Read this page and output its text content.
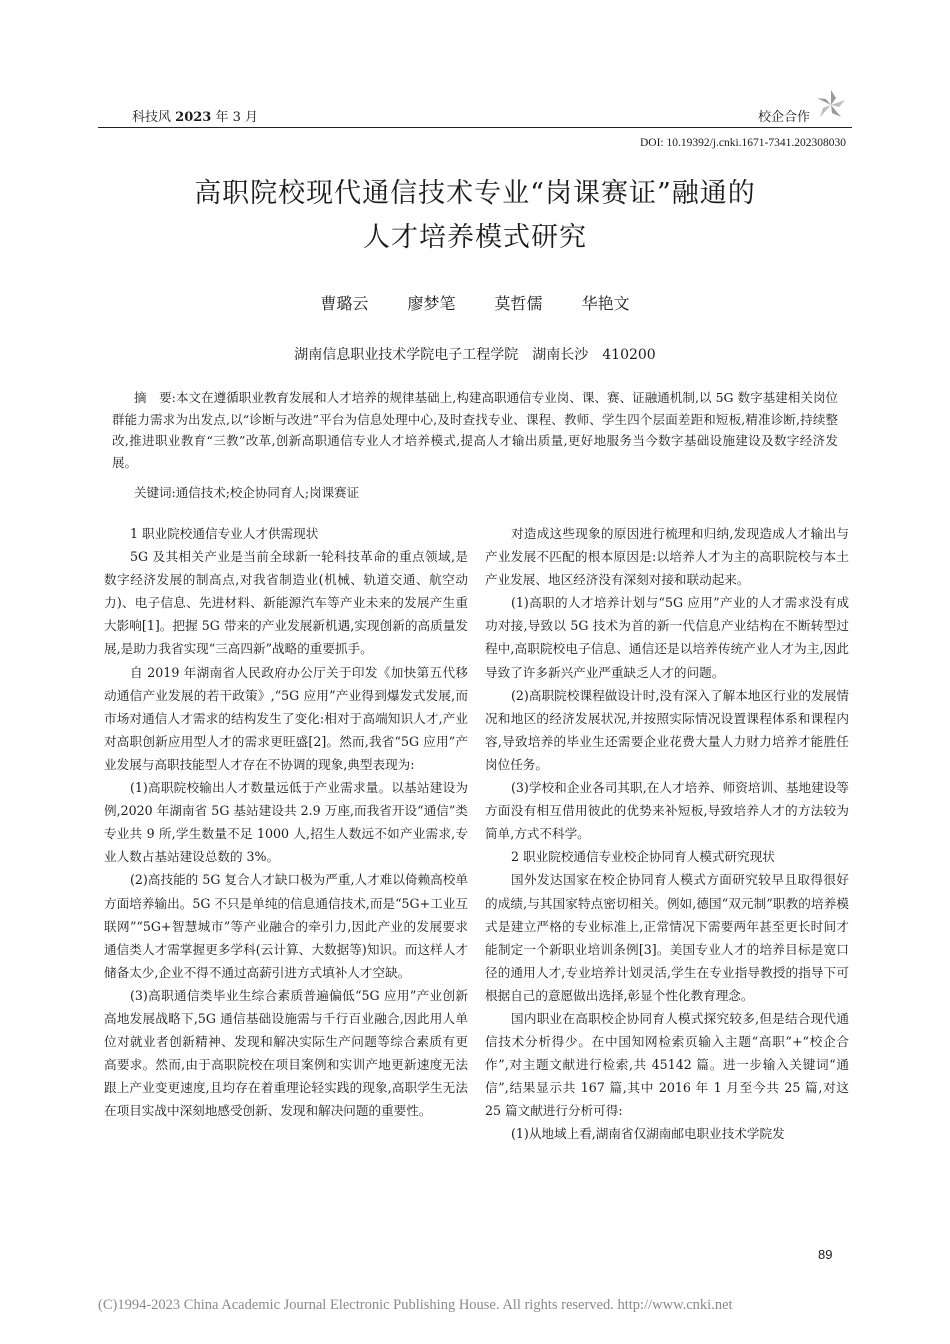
科技风 2023 年 3 月	校企合作
DOI: 10.19392/j.cnki.1671-7341.202308030
高职院校现代通信技术专业“岗课赛证”融通的
人才培养模式研究
曹璐云 廖梦笔 莫哲儒 华艳文
湖南信息职业技术学院电子工程学院　湖南长沙　410200

摘　要:本文在遵循职业教育发展和人才培养的规律基础上,构建高职通信专业岗、课、赛、证融通机制,以 5G 数字基建相关岗位群能力需求为出发点,以“诊断与改进”平台为信息处理中心,及时查找专业、课程、教师、学生四个层面差距和短板,精准诊断,持续整改,推进职业教育“三教”改革,创新高职通信专业人才培养模式,提高人才输出质量,更好地服务当今数字基础设施建设及数字经济发展。

关键词:通信技术;校企协同育人;岗课赛证

1 职业院校通信专业人才供需现状

5G 及其相关产业是当前全球新一轮科技革命的重点领域,是数字经济发展的制高点,对我省制造业(机械、轨道交通、航空动力)、电子信息、先进材料、新能源汽车等产业未来的发展产生重大影响[1]。把握 5G 带来的产业发展新机遇,实现创新的高质量发展,是助力我省实现“三高四新”战略的重要抓手。

自 2019 年湖南省人民政府办公厅关于印发《加快第五代移动通信产业发展的若干政策》,“5G 应用”产业得到爆发式发展,而市场对通信人才需求的结构发生了变化:相对于高端知识人才,产业对高职创新应用型人才的需求更旺盛[2]。然而,我省“5G 应用”产业发展与高职技能型人才存在不协调的现象,典型表现为:

(1)高职院校输出人才数量远低于产业需求量。以基站建设为例,2020 年湖南省 5G 基站建设共 2.9 万座,而我省开设“通信”类专业共 9 所,学生数量不足 1000 人,招生人数远不如产业需求,专业人数占基站建设总数的 3%。

(2)高技能的 5G 复合人才缺口极为严重,人才难以倚赖高校单方面培养输出。5G 不只是单纯的信息通信技术,而是“5G+工业互联网”“5G+智慧城市”等产业融合的牵引力,因此产业的发展要求通信类人才需掌握更多学科(云计算、大数据等)知识。而这样人才储备太少,企业不得不通过高薪引进方式填补人才空缺。

(3)高职通信类毕业生综合素质普遍偏低“5G 应用”产业创新高地发展战略下,5G 通信基础设施需与千行百业融合,因此用人单位对就业者创新精神、发现和解决实际生产问题等综合素质有更高要求。然而,由于高职院校在项目案例和实训产地更新速度无法跟上产业变更速度,且均存在着重理论轻实践的现象,高职学生无法在项目实战中深刻地感受创新、发现和解决问题的重要性。

对造成这些现象的原因进行梳理和归纳,发现造成人才输出与产业发展不匹配的根本原因是:以培养人才为主的高职院校与本土产业发展、地区经济没有深刻对接和联动起来。

(1)高职的人才培养计划与“5G 应用”产业的人才需求没有成功对接,导致以 5G 技术为首的新一代信息产业结构在不断转型过程中,高职院校电子信息、通信还是以培养传统产业人才为主,因此导致了许多新兴产业严重缺乏人才的问题。

(2)高职院校课程做设计时,没有深入了解本地区行业的发展情况和地区的经济发展状况,并按照实际情况设置课程体系和课程内容,导致培养的毕业生还需要企业花费大量人力财力培养才能胜任岗位任务。

(3)学校和企业各司其职,在人才培养、师资培训、基地建设等方面没有相互借用彼此的优势来补短板,导致培养人才的方法较为简单,方式不科学。

2 职业院校通信专业校企协同育人模式研究现状

国外发达国家在校企协同育人模式方面研究较早且取得很好的成绩,与其国家特点密切相关。例如,德国“双元制”职教的培养模式是建立严格的专业标准上,正常情况下需要两年甚至更长时间才能制定一个新职业培训条例[3]。美国专业人才的培养目标是宽口径的通用人才,专业培养计划灵活,学生在专业指导教授的指导下可根据自己的意愿做出选择,彰显个性化教育理念。

国内职业在高职校企协同育人模式探究较多,但是结合现代通信技术分析得少。在中国知网检索页输入主题“高职”+“校企合作”,对主题文献进行检索,共 45142 篇。进一步输入关键词“通信”,结果显示共 167 篇,其中 2016 年 1 月至今共 25 篇,对这 25 篇文献进行分析可得:

(1)从地域上看,湖南省仅湖南邮电职业技术学院发

89
(C)1994-2023 China Academic Journal Electronic Publishing House. All rights reserved. http://www.cnki.net
